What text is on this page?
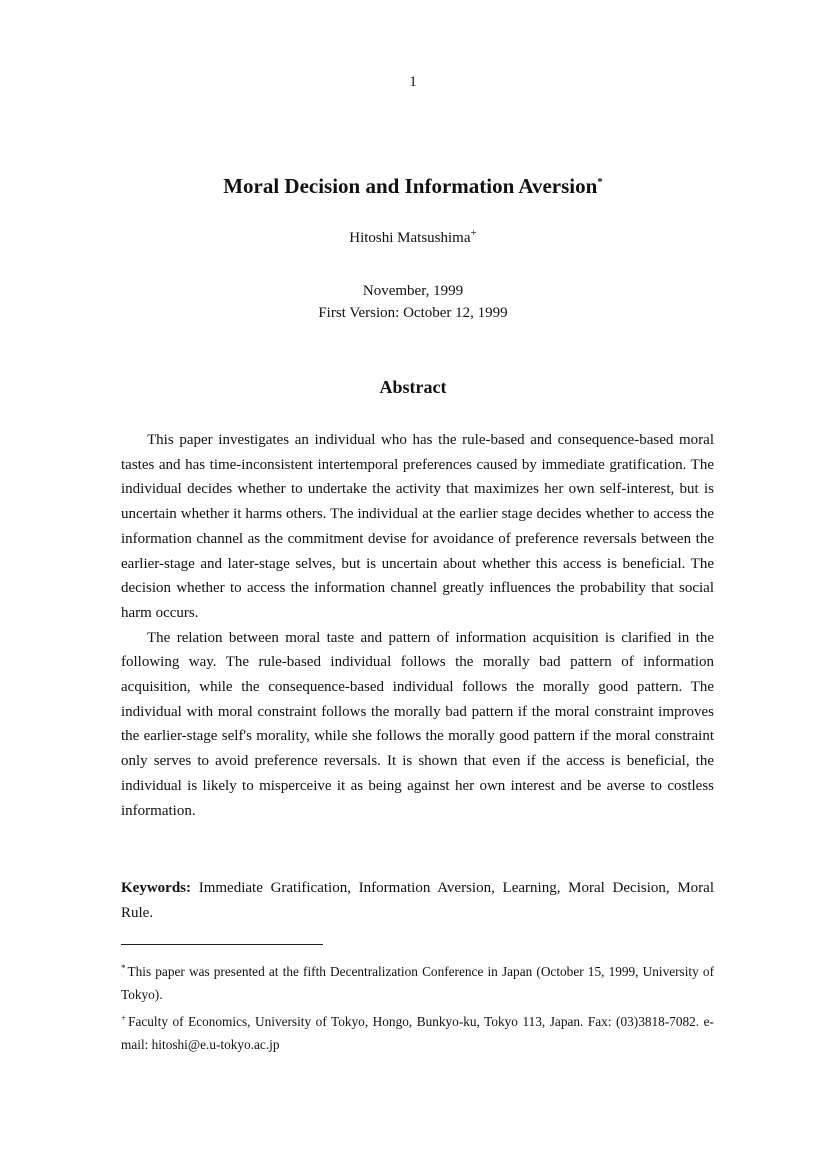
1
Moral Decision and Information Aversion*
Hitoshi Matsushima+
November, 1999
First Version: October 12, 1999
Abstract

This paper investigates an individual who has the rule-based and consequence-based moral tastes and has time-inconsistent intertemporal preferences caused by immediate gratification. The individual decides whether to undertake the activity that maximizes her own self-interest, but is uncertain whether it harms others. The individual at the earlier stage decides whether to access the information channel as the commitment devise for avoidance of preference reversals between the earlier-stage and later-stage selves, but is uncertain about whether this access is beneficial. The decision whether to access the information channel greatly influences the probability that social harm occurs.

The relation between moral taste and pattern of information acquisition is clarified in the following way. The rule-based individual follows the morally bad pattern of information acquisition, while the consequence-based individual follows the morally good pattern. The individual with moral constraint follows the morally bad pattern if the moral constraint improves the earlier-stage self's morality, while she follows the morally good pattern if the moral constraint only serves to avoid preference reversals. It is shown that even if the access is beneficial, the individual is likely to misperceive it as being against her own interest and be averse to costless information.

Keywords: Immediate Gratification, Information Aversion, Learning, Moral Decision, Moral Rule.
* This paper was presented at the fifth Decentralization Conference in Japan (October 15, 1999, University of Tokyo).
+ Faculty of Economics, University of Tokyo, Hongo, Bunkyo-ku, Tokyo 113, Japan. Fax: (03)3818-7082. e-mail: hitoshi@e.u-tokyo.ac.jp
